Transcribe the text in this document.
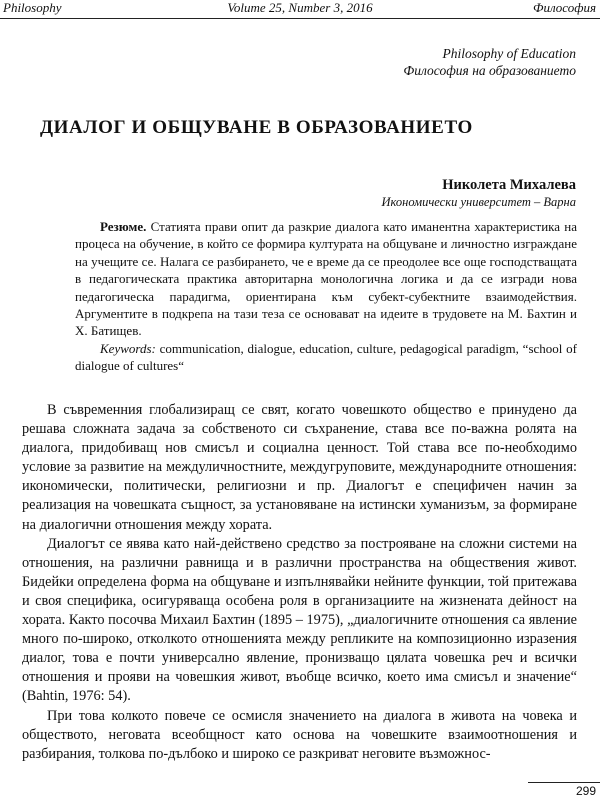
Philosophy	Volume 25, Number 3, 2016	Философия
Philosophy of Education
Философия на образованието
ДИАЛОГ И ОБЩУВАНЕ В ОБРАЗОВАНИЕТО
Николета Михалева
Икономически университет – Варна

Резюме. Статията прави опит да разкрие диалога като иманентна характеристика на процеса на обучение, в който се формира културата на общуване и личностно изграждане на учещите се. Налага се разбирането, че е време да се преодолее все още господстващата в педагогическата практика авторитарна монологична логика и да се изгради нова педагогическа парадигма, ориентирана към субект-субектните взаимодействия. Аргументите в подкрепа на тази теза се основават на идеите в трудовете на М. Бахтин и Х. Батищев.

Keywords: communication, dialogue, education, culture, pedagogical paradigm, “school of dialogue of cultures“

В съвременния глобализиращ се свят, когато човешкото общество е принудено да решава сложната задача за собственото си съхранение, става все по-важна ролята на диалога, придобиващ нов смисъл и социална ценност. Той става все по-необходимо условие за развитие на междуличностните, междугруповите, международните отношения: икономически, политически, религиозни и пр. Диалогът е специфичен начин за реализация на човешката същност, за установяване на истински хуманизъм, за формиране на диалогични отношения между хората.

Диалогът се явява като най-действено средство за построяване на сложни системи на отношения, на различни равнища и в различни пространства на обществения живот. Бидейки определена форма на общуване и изпълнявайки нейните функции, той притежава и своя специфика, осигуряваща особена роля в организациите на жизнената дейност на хората. Както посочва Михаил Бахтин (1895 – 1975), „диалогичните отношения са явление много по-широко, отколкото отношенията между репликите на композиционно изразения диалог, това е почти универсално явление, пронизващо цялата човешка реч и всички отношения и прояви на човешкия живот, въобще всичко, което има смисъл и значение“ (Bahtin, 1976: 54).

При това колкото повече се осмисля значението на диалога в живота на човека и обществото, неговата всеобщност като основа на човешките взаимоотношения и разбирания, толкова по-дълбоко и широко се разкриват неговите възможнос-

299
